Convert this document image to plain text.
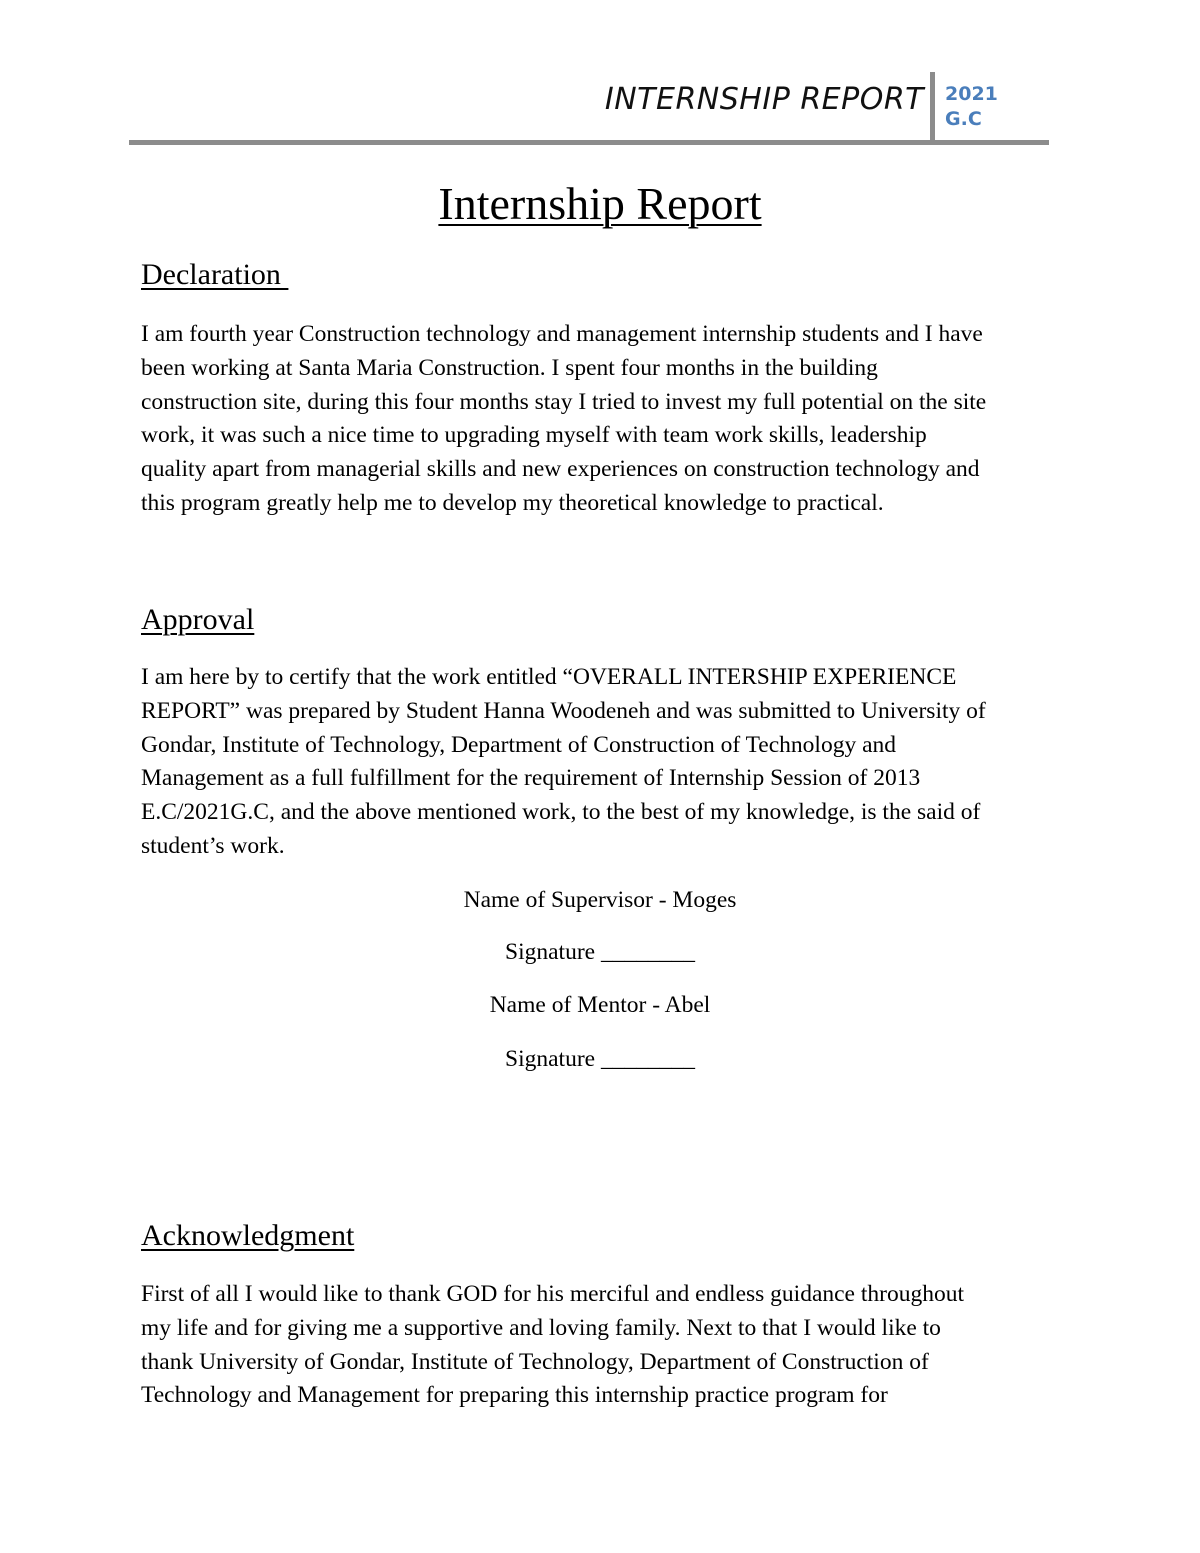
INTERNSHIP REPORT 2021
G.C
Internship Report
Declaration
I am fourth year Construction technology and management internship students and I have
been working at Santa Maria Construction. I spent four months in the building
construction site, during this four months stay I tried to invest my full potential on the site
work, it was such a nice time to upgrading myself with team work skills, leadership
quality apart from managerial skills and new experiences on construction technology and
this program greatly help me to develop my theoretical knowledge to practical.
Approval
I am here by to certify that the work entitled “OVERALL INTERSHIP EXPERIENCE
REPORT” was prepared by Student Hanna Woodeneh and was submitted to University of
Gondar, Institute of Technology, Department of Construction of Technology and
Management as a full fulfillment for the requirement of Internship Session of 2013
E.C/2021G.C, and the above mentioned work, to the best of my knowledge, is the said of
student’s work.
Name of Supervisor - Moges
Signature ________
Name of Mentor - Abel
Signature ________
Acknowledgment
First of all I would like to thank GOD for his merciful and endless guidance throughout
my life and for giving me a supportive and loving family. Next to that I would like to
thank University of Gondar, Institute of Technology, Department of Construction of
Technology and Management for preparing this internship practice program for
